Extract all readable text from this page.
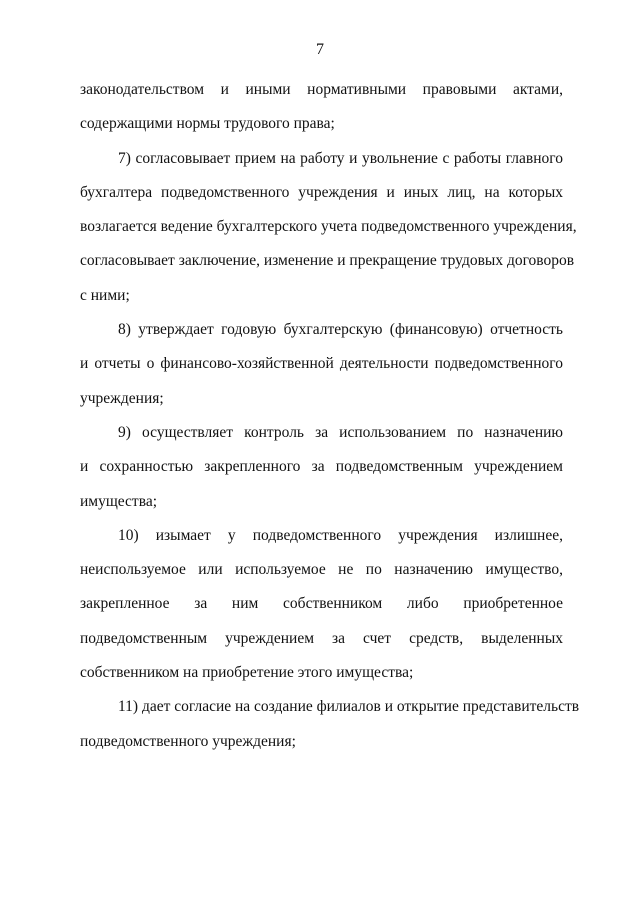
7

законодательством и иными нормативными правовыми актами,
содержащими нормы трудового права;

7) согласовывает прием на работу и увольнение с работы главного
бухгалтера подведомственного учреждения и иных лиц, на которых
возлагается ведение бухгалтерского учета подведомственного учреждения,
согласовывает заключение, изменение и прекращение трудовых договоров
с ними;

8) утверждает годовую бухгалтерскую (финансовую) отчетность
и отчеты о финансово-хозяйственной деятельности подведомственного
учреждения;

9) осуществляет контроль за использованием по назначению
и сохранностью закрепленного за подведомственным учреждением
имущества;

10) изымает у подведомственного учреждения излишнее,
неиспользуемое или используемое не по назначению имущество,
закрепленное за ним собственником либо приобретенное
подведомственным учреждением за счет средств, выделенных
собственником на приобретение этого имущества;

11) дает согласие на создание филиалов и открытие представительств
подведомственного учреждения;
